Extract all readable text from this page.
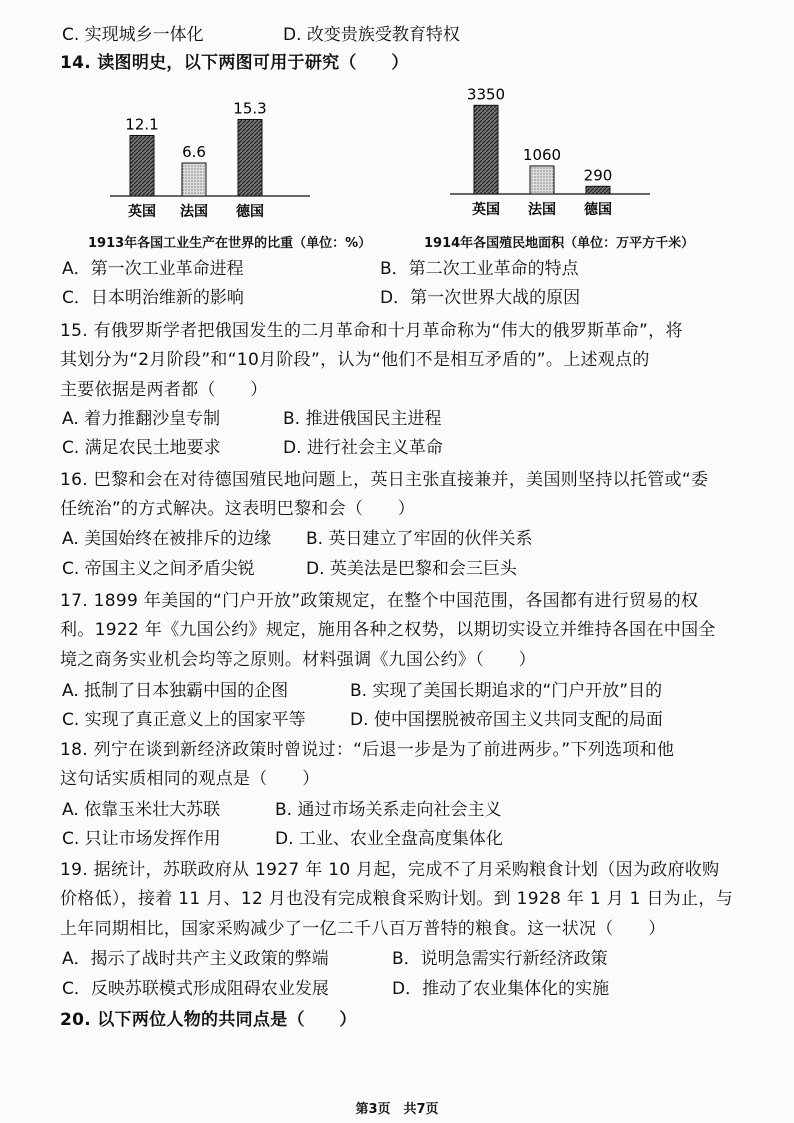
C. 实现城乡一体化	D. 改变贵族受教育特权
14. 读图明史，以下两图可用于研究（　　）
12.1
英国
6.6
法国
15.3
德国
1913年各国工业生产在世界的比重（单位：%）
3350
英国
1060
法国
290
德国
1914年各国殖民地面积（单位：万平方千米）
A．第一次工业革命进程	B．第二次工业革命的特点
C．日本明治维新的影响	D．第一次世界大战的原因
15. 有俄罗斯学者把俄国发生的二月革命和十月革命称为“伟大的俄罗斯革命”，将
其划分为“2月阶段”和“10月阶段”，认为“他们不是相互矛盾的”。上述观点的
主要依据是两者都（　　）
A. 着力推翻沙皇专制	B. 推进俄国民主进程
C. 满足农民土地要求	D. 进行社会主义革命
16. 巴黎和会在对待德国殖民地问题上，英日主张直接兼并，美国则坚持以托管或“委
任统治”的方式解决。这表明巴黎和会（　　）
A. 美国始终在被排斥的边缘 B. 英日建立了牢固的伙伴关系
C. 帝国主义之间矛盾尖锐	D. 英美法是巴黎和会三巨头
17. 1899 年美国的“门户开放”政策规定，在整个中国范围，各国都有进行贸易的权
利。1922 年《九国公约》规定，施用各种之权势，以期切实设立并维持各国在中国全
境之商务实业机会均等之原则。材料强调《九国公约》（　　）
A. 抵制了日本独霸中国的企图	B. 实现了美国长期追求的“门户开放”目的
C. 实现了真正意义上的国家平等	D. 使中国摆脱被帝国主义共同支配的局面
18. 列宁在谈到新经济政策时曾说过：“后退一步是为了前进两步。”下列选项和他
这句话实质相同的观点是（　　）
A. 依靠玉米壮大苏联	B. 通过市场关系走向社会主义
C. 只让市场发挥作用	D. 工业、农业全盘高度集体化
19. 据统计，苏联政府从 1927 年 10 月起，完成不了月采购粮食计划（因为政府收购
价格低），接着 11 月、12 月也没有完成粮食采购计划。到 1928 年 1 月 1 日为止，与
上年同期相比，国家采购减少了一亿二千八百万普特的粮食。这一状况（　　）
A．揭示了战时共产主义政策的弊端	B．说明急需实行新经济政策
C．反映苏联模式形成阻碍农业发展	D．推动了农业集体化的实施
20. 以下两位人物的共同点是（　　）
第3页　共7页
